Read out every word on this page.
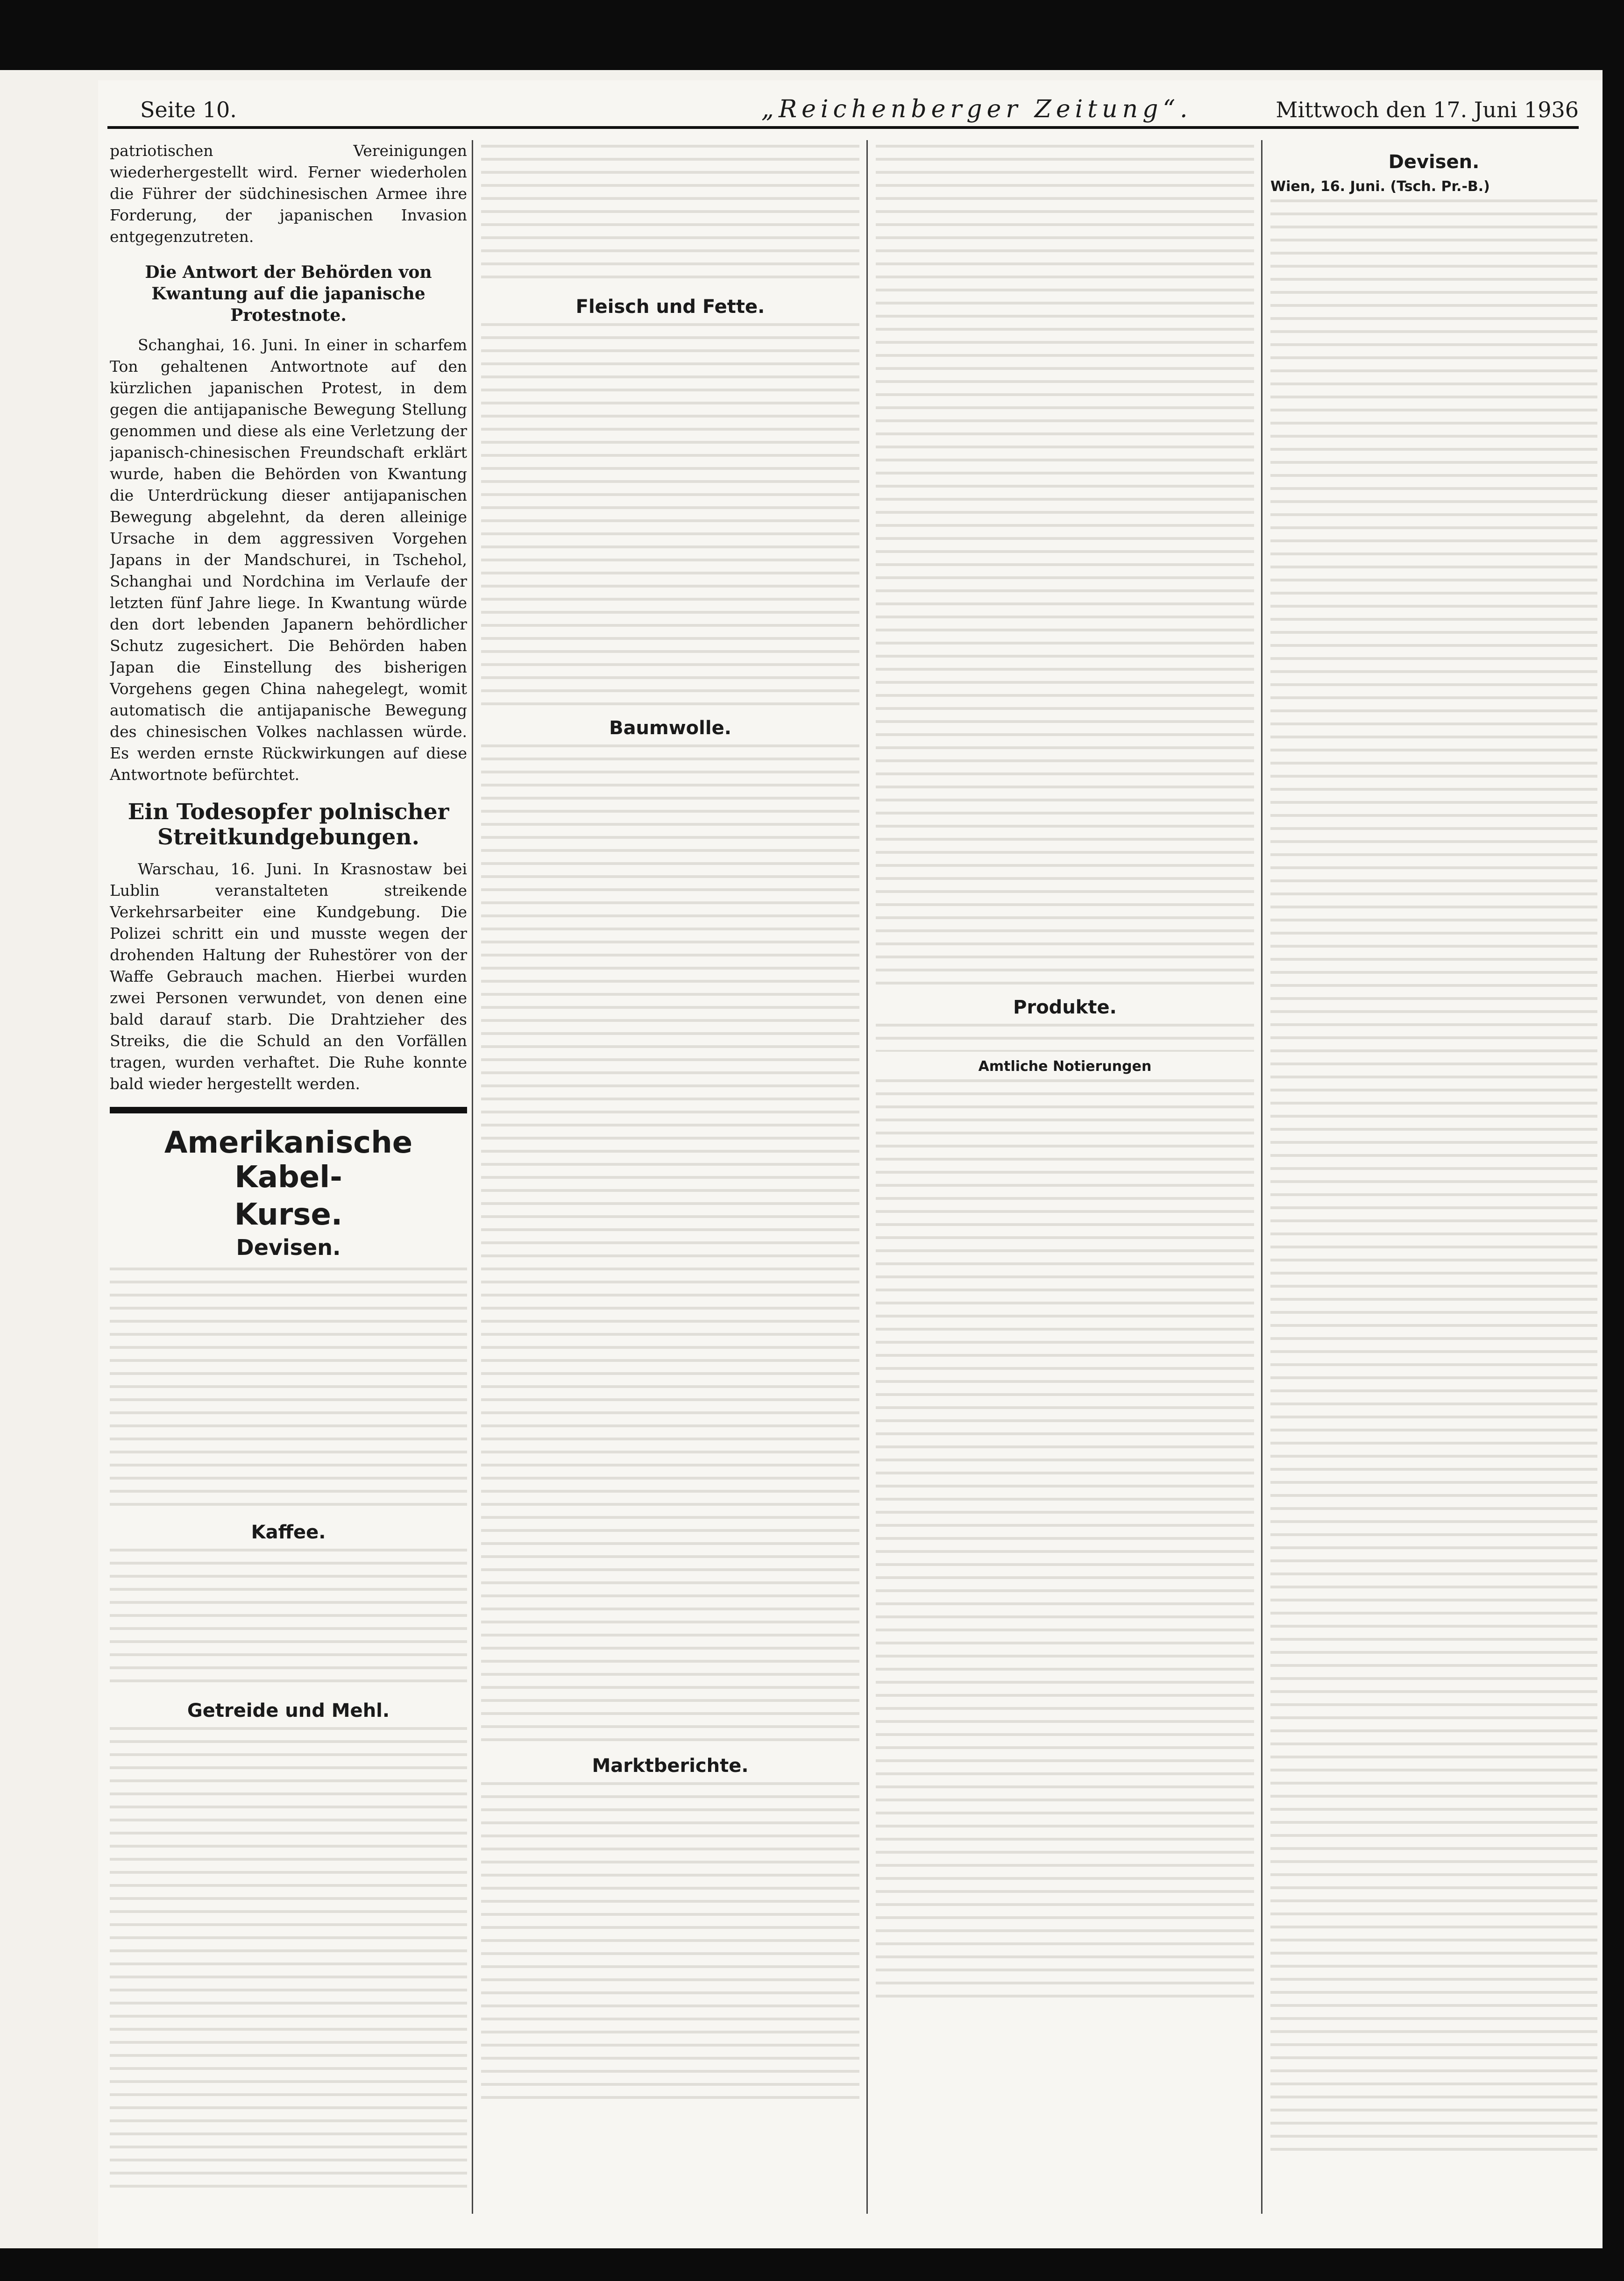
Seite 10.	„Reichenberger Zeitung“.	Mittwoch den 17. Juni 1936

patriotischen Vereinigungen wiederhergestellt wird. Ferner wiederholen die Führer der südchinesischen Armee ihre Forderung, der japanischen Invasion entgegenzutreten.

Die Antwort der Behörden von Kwantung auf die japanische Protestnote.

Schanghai, 16. Juni. In einer in scharfem Ton gehaltenen Antwortnote auf den kürzlichen japanischen Protest, in dem gegen die antijapanische Bewegung Stellung genommen und diese als eine Verletzung der japanisch-chinesischen Freundschaft erklärt wurde, haben die Behörden von Kwantung die Unterdrückung dieser antijapanischen Bewegung abgelehnt, da deren alleinige Ursache in dem aggressiven Vorgehen Japans in der Mandschurei, in Tschehol, Schanghai und Nordchina im Verlaufe der letzten fünf Jahre liege. In Kwantung würde den dort lebenden Japanern behördlicher Schutz zugesichert. Die Behörden haben Japan die Einstellung des bisherigen Vorgehens gegen China nahegelegt, womit automatisch die antijapanische Bewegung des chinesischen Volkes nachlassen würde. Es werden ernste Rückwirkungen auf diese Antwortnote befürchtet.

Ein Todesopfer polnischer Streitkundgebungen.

Warschau, 16. Juni. In Krasnostaw bei Lublin veranstalteten streikende Verkehrsarbeiter eine Kundgebung. Die Polizei schritt ein und musste wegen der drohenden Haltung der Ruhestörer von der Waffe Gebrauch machen. Hierbei wurden zwei Personen verwundet, von denen eine bald darauf starb. Die Drahtzieher des Streiks, die die Schuld an den Vorfällen tragen, wurden verhaftet. Die Ruhe konnte bald wieder hergestellt werden.

Amerikanische Kabel-
Kurse.
Devisen.
Kaffee.
Getreide und Mehl.
Fleisch und Fette.
Baumwolle.
Marktberichte.
Produkte.
Amtliche Notierungen
Devisen.
Wien, 16. Juni. (Tsch. Pr.-B.)
